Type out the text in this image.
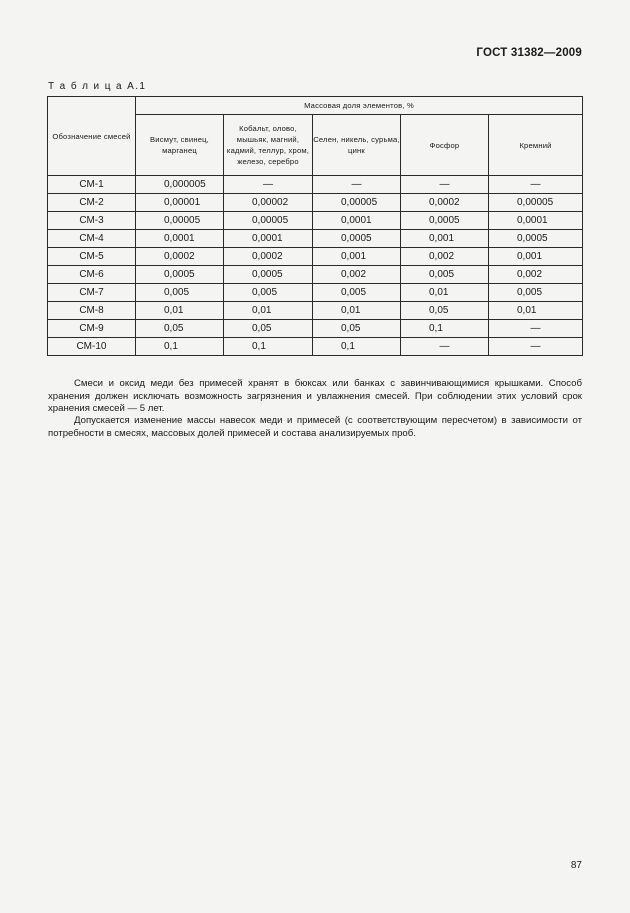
ГОСТ 31382—2009
Т а б л и ц а А.1
Обозначение смесей	Массовая доля элементов, %				
	Висмут, свинец, марганец	Кобальт, олово, мышьяк, магний, кадмий, теллур, хром, железо, серебро	Селен, никель, сурьма, цинк	Фосфор	Кремний
СМ-1	0,000005	—	—	—	—
СМ-2	0,00001	0,00002	0,00005	0,0002	0,00005
СМ-3	0,00005	0,00005	0,0001	0,0005	0,0001
СМ-4	0,0001	0,0001	0,0005	0,001	0,0005
СМ-5	0,0002	0,0002	0,001	0,002	0,001
СМ-6	0,0005	0,0005	0,002	0,005	0,002
СМ-7	0,005	0,005	0,005	0,01	0,005
СМ-8	0,01	0,01	0,01	0,05	0,01
СМ-9	0,05	0,05	0,05	0,1	—
СМ-10	0,1	0,1	0,1	—	—

Смеси и оксид меди без примесей хранят в бюксах или банках с завинчивающимися крышками. Способ хранения должен исключать возможность загрязнения и увлажнения смесей. При соблюдении этих условий срок хранения смесей — 5 лет.

Допускается изменение массы навесок меди и примесей (с соответствующим пересчетом) в зависимости от потребности в смесях, массовых долей примесей и состава анализируемых проб.

87
